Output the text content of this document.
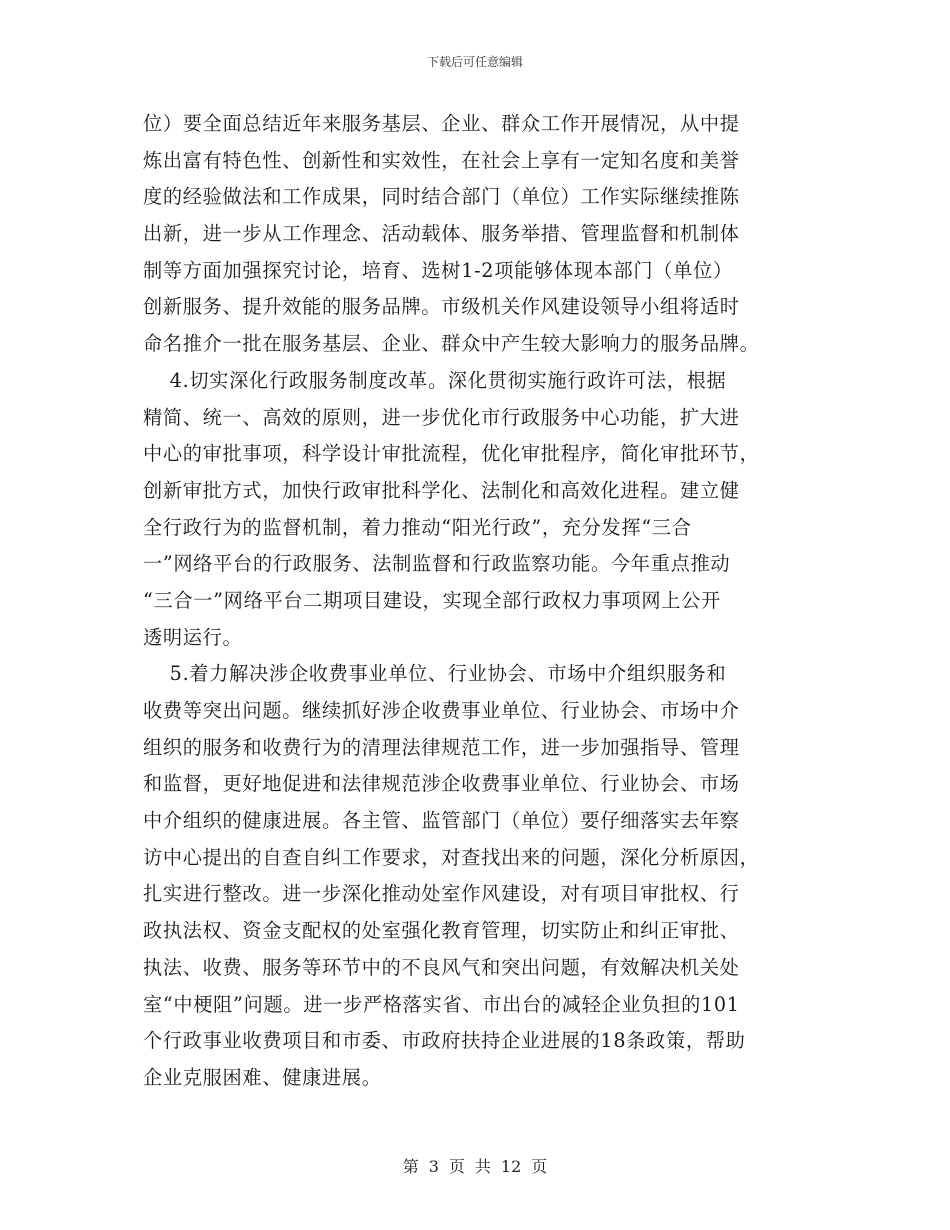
下载后可任意编辑
位）要全面总结近年来服务基层、企业、群众工作开展情况，从中提
炼出富有特色性、创新性和实效性，在社会上享有一定知名度和美誉
度的经验做法和工作成果，同时结合部门（单位）工作实际继续推陈
出新，进一步从工作理念、活动载体、服务举措、管理监督和机制体
制等方面加强探究讨论，培育、选树1-2项能够体现本部门（单位）
创新服务、提升效能的服务品牌。市级机关作风建设领导小组将适时
命名推介一批在服务基层、企业、群众中产生较大影响力的服务品牌。
　 4.切实深化行政服务制度改革。深化贯彻实施行政许可法，根据
精简、统一、高效的原则，进一步优化市行政服务中心功能，扩大进
中心的审批事项，科学设计审批流程，优化审批程序，简化审批环节，
创新审批方式，加快行政审批科学化、法制化和高效化进程。建立健
全行政行为的监督机制，着力推动“阳光行政”，充分发挥“三合
一”网络平台的行政服务、法制监督和行政监察功能。今年重点推动
“三合一”网络平台二期项目建设，实现全部行政权力事项网上公开
透明运行。
　 5.着力解决涉企收费事业单位、行业协会、市场中介组织服务和
收费等突出问题。继续抓好涉企收费事业单位、行业协会、市场中介
组织的服务和收费行为的清理法律规范工作，进一步加强指导、管理
和监督，更好地促进和法律规范涉企收费事业单位、行业协会、市场
中介组织的健康进展。各主管、监管部门（单位）要仔细落实去年察
访中心提出的自查自纠工作要求，对查找出来的问题，深化分析原因，
扎实进行整改。进一步深化推动处室作风建设，对有项目审批权、行
政执法权、资金支配权的处室强化教育管理，切实防止和纠正审批、
执法、收费、服务等环节中的不良风气和突出问题，有效解决机关处
室“中梗阻”问题。进一步严格落实省、市出台的减轻企业负担的101
个行政事业收费项目和市委、市政府扶持企业进展的18条政策，帮助
企业克服困难、健康进展。
第 3 页 共 12 页
